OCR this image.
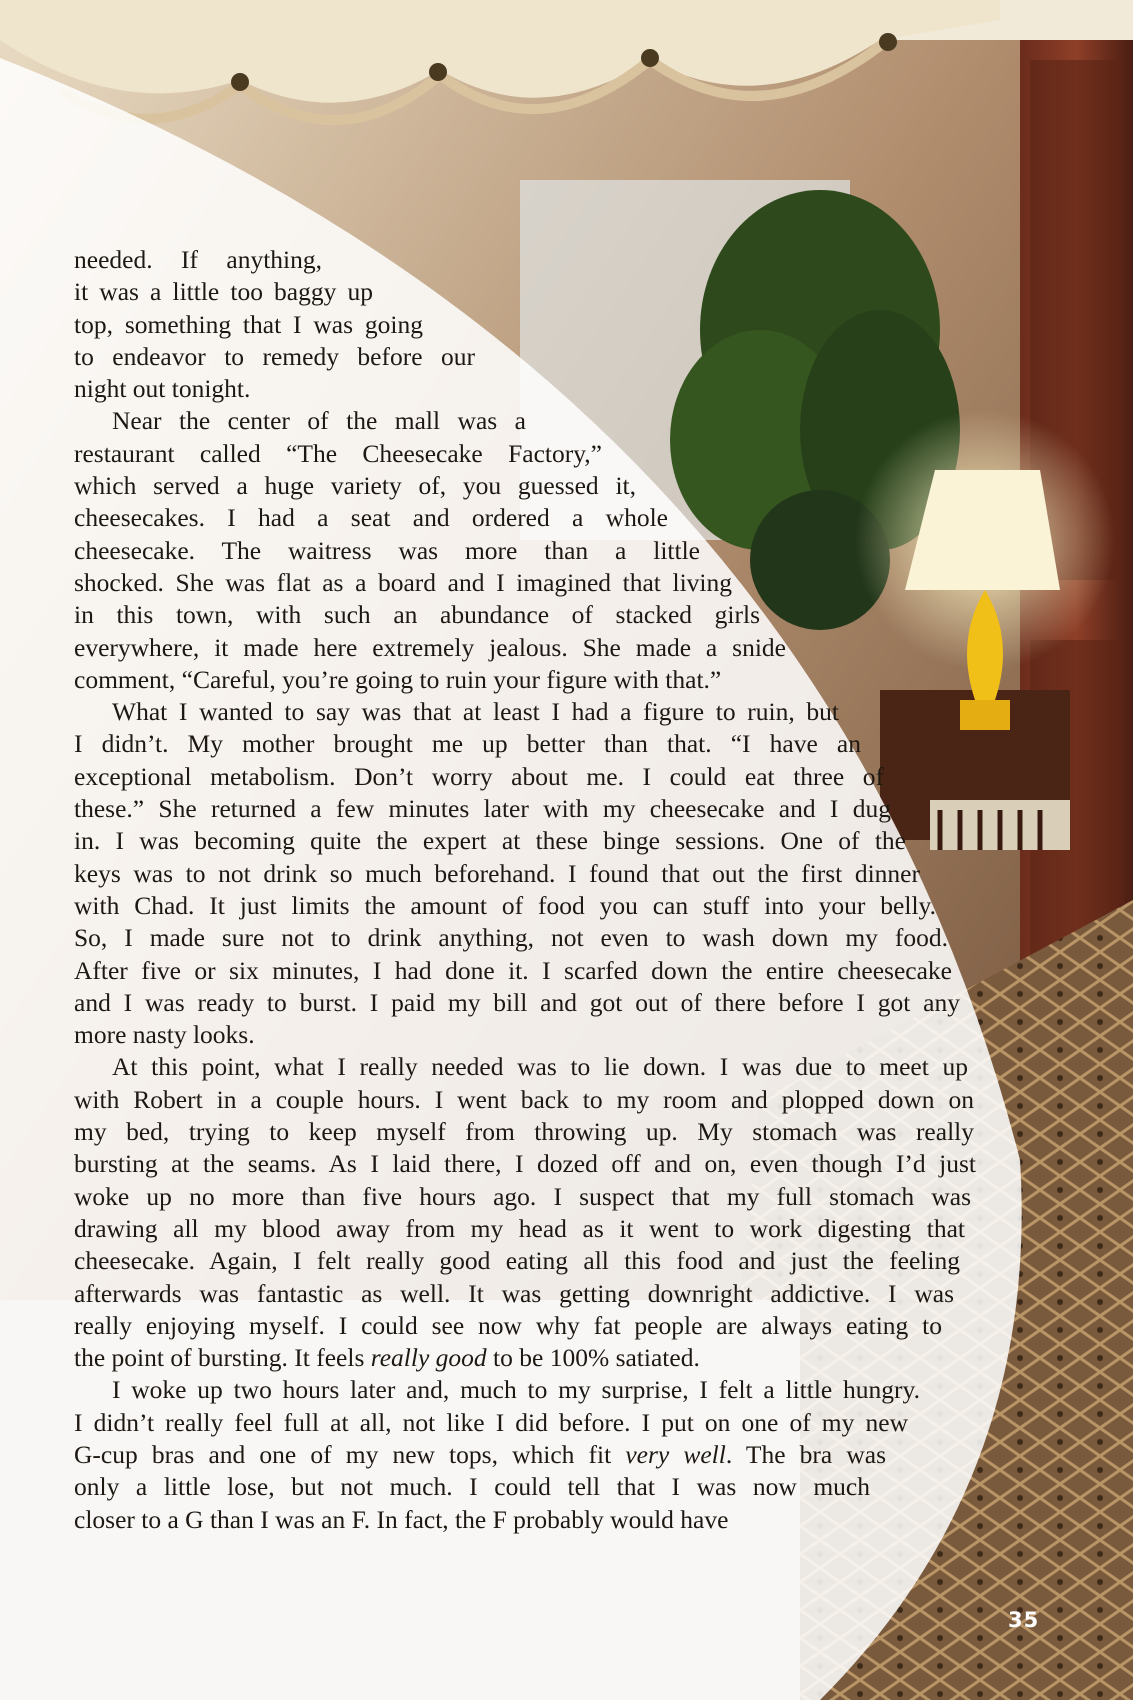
needed. If anything,
it was a little too baggy up
top, something that I was going
to endeavor to remedy before our
night out tonight.
Near the center of the mall was a
restaurant called “The Cheesecake Factory,”
which served a huge variety of, you guessed it,
cheesecakes. I had a seat and ordered a whole
cheesecake. The waitress was more than a little
shocked. She was flat as a board and I imagined that living
in this town, with such an abundance of stacked girls
everywhere, it made here extremely jealous. She made a snide
comment, “Careful, you’re going to ruin your figure with that.”
What I wanted to say was that at least I had a figure to ruin, but
I didn’t. My mother brought me up better than that. “I have an
exceptional metabolism. Don’t worry about me. I could eat three of
these.” She returned a few minutes later with my cheesecake and I dug
in. I was becoming quite the expert at these binge sessions. One of the
keys was to not drink so much beforehand. I found that out the first dinner
with Chad. It just limits the amount of food you can stuff into your belly.
So, I made sure not to drink anything, not even to wash down my food.
After five or six minutes, I had done it. I scarfed down the entire cheesecake
and I was ready to burst. I paid my bill and got out of there before I got any
more nasty looks.
At this point, what I really needed was to lie down. I was due to meet up
with Robert in a couple hours. I went back to my room and plopped down on
my bed, trying to keep myself from throwing up. My stomach was really
bursting at the seams. As I laid there, I dozed off and on, even though I’d just
woke up no more than five hours ago. I suspect that my full stomach was
drawing all my blood away from my head as it went to work digesting that
cheesecake. Again, I felt really good eating all this food and just the feeling
afterwards was fantastic as well. It was getting downright addictive. I was
really enjoying myself. I could see now why fat people are always eating to
the point of bursting. It feels really good to be 100% satiated.
I woke up two hours later and, much to my surprise, I felt a little hungry.
I didn’t really feel full at all, not like I did before. I put on one of my new
G-cup bras and one of my new tops, which fit very well. The bra was
only a little lose, but not much. I could tell that I was now much
closer to a G than I was an F. In fact, the F probably would have
35
